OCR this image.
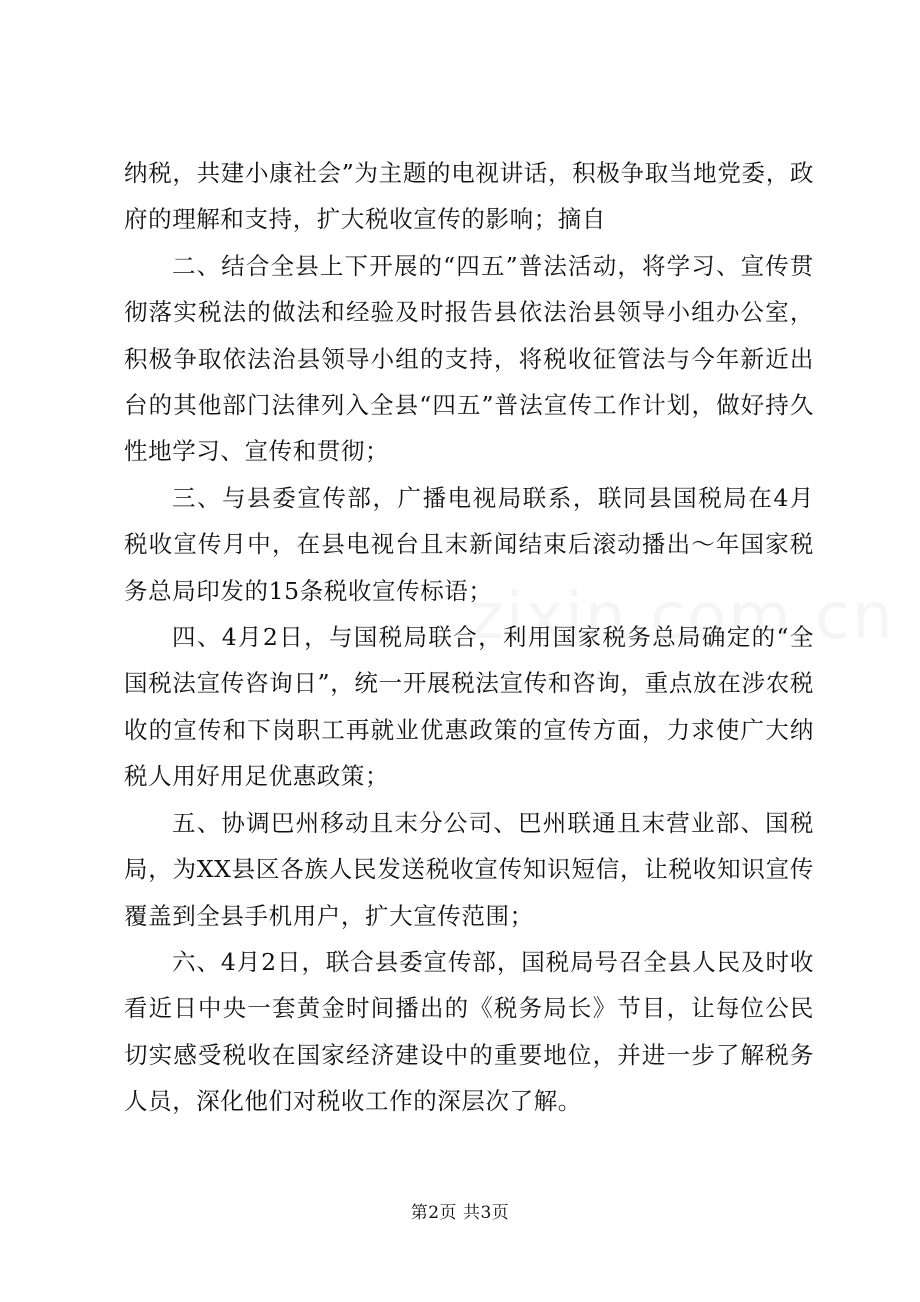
纳税，共建小康社会”为主题的电视讲话，积极争取当地党委，政府的理解和支持，扩大税收宣传的影响；摘自

二、结合全县上下开展的“四五”普法活动，将学习、宣传贯彻落实税法的做法和经验及时报告县依法治县领导小组办公室，积极争取依法治县领导小组的支持，将税收征管法与今年新近出台的其他部门法律列入全县“四五”普法宣传工作计划，做好持久性地学习、宣传和贯彻；

三、与县委宣传部，广播电视局联系，联同县国税局在4月税收宣传月中，在县电视台且末新闻结束后滚动播出～年国家税务总局印发的15条税收宣传标语；

四、4月2日，与国税局联合，利用国家税务总局确定的“全国税法宣传咨询日”，统一开展税法宣传和咨询，重点放在涉农税收的宣传和下岗职工再就业优惠政策的宣传方面，力求使广大纳税人用好用足优惠政策；

五、协调巴州移动且末分公司、巴州联通且末营业部、国税局，为XX县区各族人民发送税收宣传知识短信，让税收知识宣传覆盖到全县手机用户，扩大宣传范围；

六、4月2日，联合县委宣传部，国税局号召全县人民及时收看近日中央一套黄金时间播出的《税务局长》节目，让每位公民切实感受税收在国家经济建设中的重要地位，并进一步了解税务人员，深化他们对税收工作的深层次了解。

第2页 共3页
